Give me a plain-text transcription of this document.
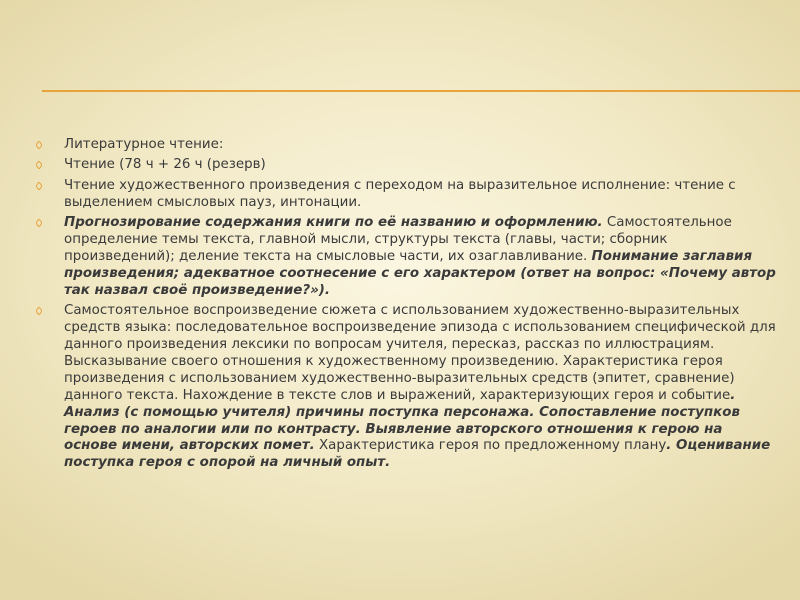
Литературное чтение:
Чтение (78 ч + 26 ч (резерв)
Чтение художественного произведения с переходом на выразительное исполнение: чтение с выделением смысловых пауз, интонации.
Прогнозирование содержания книги по её названию и оформлению. Самостоятельное определение темы текста, главной мысли, структуры текста (главы, части; сборник произведений); деление текста на смысловые части, их озаглавливание. Понимание заглавия произведения; адекватное соотнесение с его характером (ответ на вопрос: «Почему автор так назвал своё произведение?»).
Самостоятельное воспроизведение сюжета с использованием художественно-выразительных средств языка: последовательное воспроизведение эпизода с использованием специфической для данного произведения лексики по вопросам учителя, пересказ, рассказ по иллюстрациям. Высказывание своего отношения к художественному произведению. Характеристика героя произведения с использованием художественно-выразительных средств (эпитет, сравнение) данного текста. Нахождение в тексте слов и выражений, характеризующих героя и событие. Анализ (с помощью учителя) причины поступка персонажа. Сопоставление поступков героев по аналогии или по контрасту. Выявление авторского отношения к герою на основе имени, авторских помет. Характеристика героя по предложенному плану. Оценивание поступка героя с опорой на личный опыт.
